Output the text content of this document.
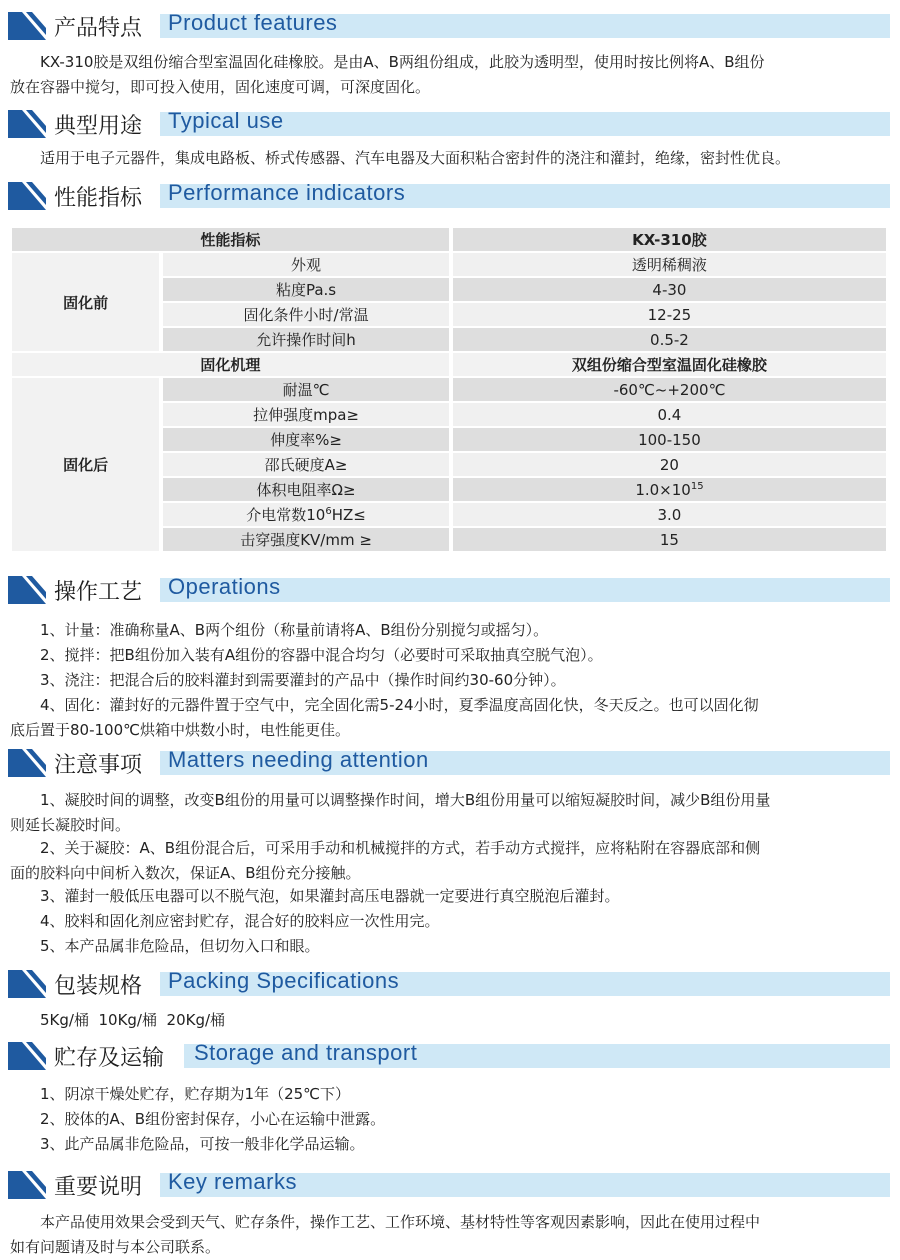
产品特点 Product features
KX-310胶是双组份缩合型室温固化硅橡胶。是由A、B两组份组成，此胶为透明型，使用时按比例将A、B组份
放在容器中搅匀，即可投入使用，固化速度可调，可深度固化。
典型用途 Typical use
适用于电子元器件，集成电路板、桥式传感器、汽车电器及大面积粘合密封件的浇注和灌封，绝缘，密封性优良。
性能指标 Performance indicators
性能指标		KX-310胶
固化前	外观	透明稀稠液
	粘度Pa.s	4-30
	固化条件小时/常温	12-25
	允许操作时间h	0.5-2
固化机理		双组份缩合型室温固化硅橡胶
固化后	耐温℃	-60℃~+200℃
	拉伸强度mpa≥	0.4
	伸度率%≥	100-150
	邵氏硬度A≥	20
	体积电阻率Ω≥	$1.0\times 10^{15}$
	介电常数$10^6HZ\le$	3.0
	击穿强度KV/mm ≥	15
操作工艺 Operations
1、计量：准确称量A、B两个组份（称量前请将A、B组份分别搅匀或摇匀）。
2、搅拌：把B组份加入装有A组份的容器中混合均匀（必要时可采取抽真空脱气泡）。
3、浇注：把混合后的胶料灌封到需要灌封的产品中（操作时间约30-60分钟）。
4、固化：灌封好的元器件置于空气中，完全固化需5-24小时，夏季温度高固化快，冬天反之。也可以固化彻
底后置于80-100℃烘箱中烘数小时，电性能更佳。
注意事项 Matters needing attention
1、凝胶时间的调整，改变B组份的用量可以调整操作时间，增大B组份用量可以缩短凝胶时间，减少B组份用量
则延长凝胶时间。
2、关于凝胶：A、B组份混合后，可采用手动和机械搅拌的方式，若手动方式搅拌，应将粘附在容器底部和侧
面的胶料向中间析入数次，保证A、B组份充分接触。
3、灌封一般低压电器可以不脱气泡，如果灌封高压电器就一定要进行真空脱泡后灌封。
4、胶料和固化剂应密封贮存，混合好的胶料应一次性用完。
5、本产品属非危险品，但切勿入口和眼。
包装规格 Packing Specifications
5Kg/桶  10Kg/桶  20Kg/桶
贮存及运输 Storage and transport
1、阴凉干燥处贮存，贮存期为1年（25℃下）
2、胶体的A、B组份密封保存，小心在运输中泄露。
3、此产品属非危险品，可按一般非化学品运输。
重要说明 Key remarks
本产品使用效果会受到天气、贮存条件，操作工艺、工作环境、基材特性等客观因素影响，因此在使用过程中
如有问题请及时与本公司联系。
